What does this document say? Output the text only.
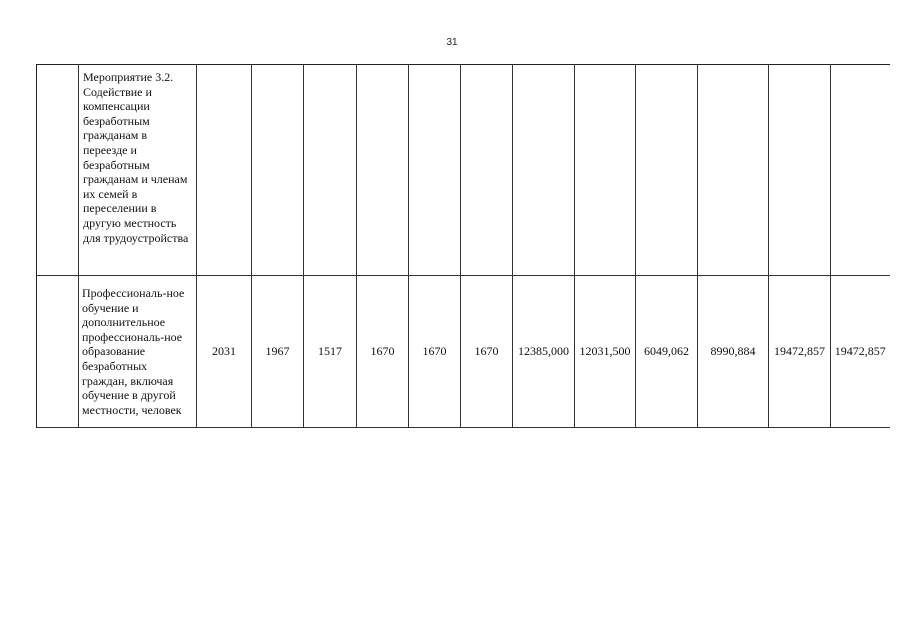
31
	Мероприятие 3.2. Содействие и компенсации безработным гражданам в переезде и безработным гражданам и членам их семей в переселении в другую местность для трудоустройства												
	Профессиональ-ное обучение и дополнительное профессиональ-ное образование безработных граждан, включая обучение в другой местности, человек	2031	1967	1517	1670	1670	1670	12385,000	12031,500	6049,062	8990,884	19472,857	19472,857
